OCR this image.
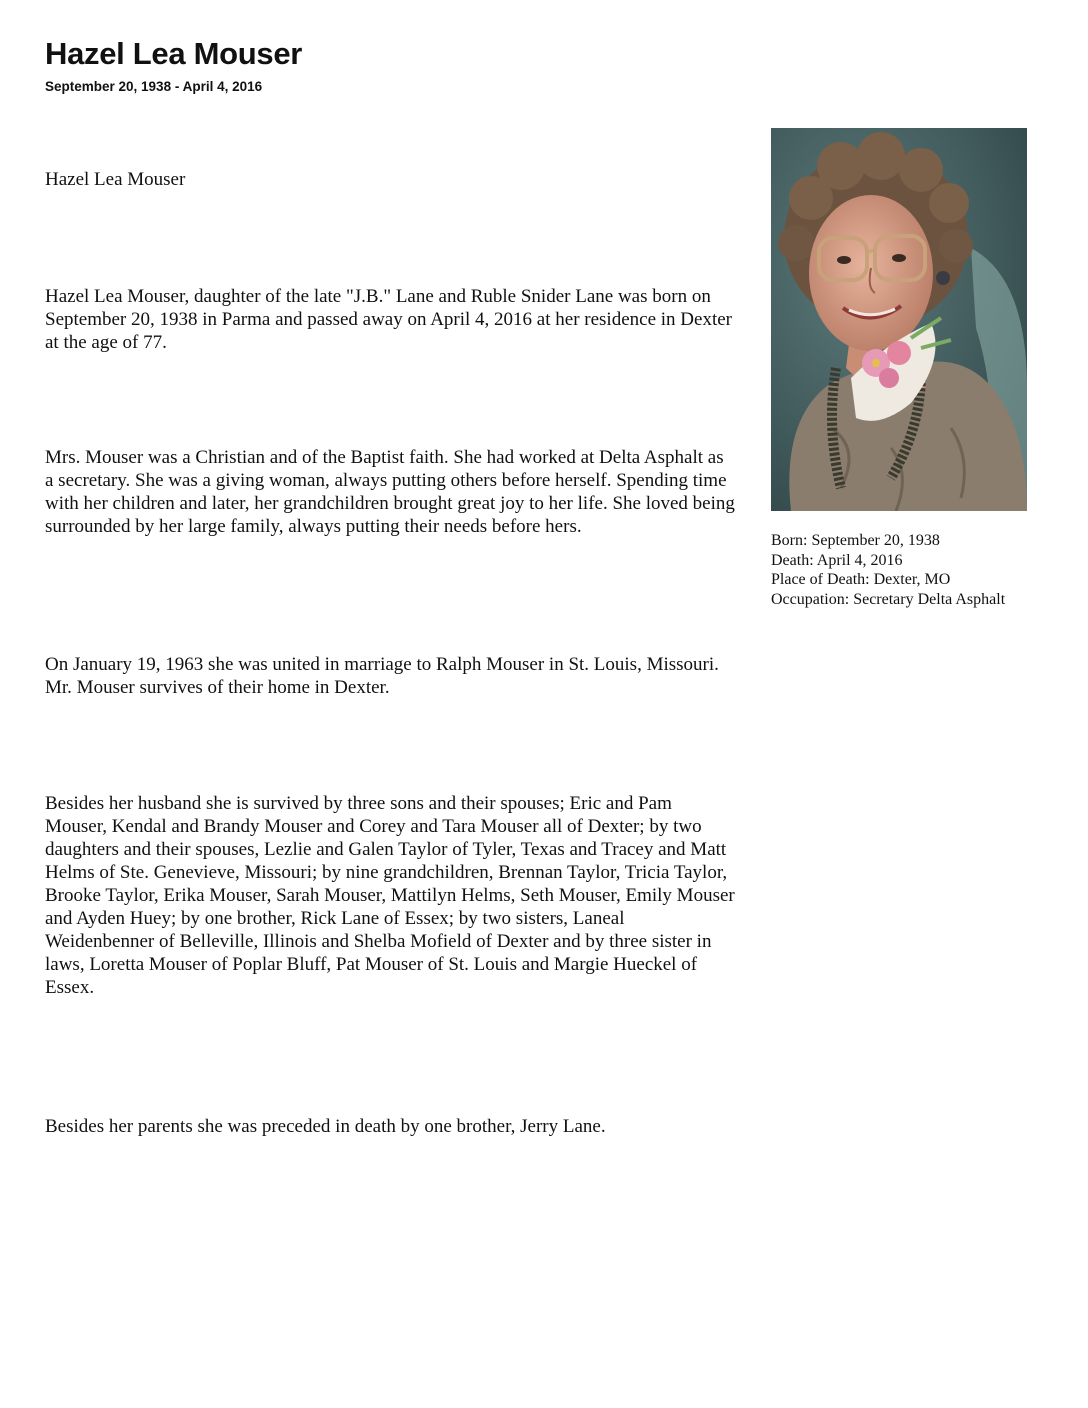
Hazel Lea Mouser
September 20, 1938 - April 4, 2016

Hazel Lea Mouser

Hazel Lea Mouser, daughter of the late "J.B." Lane and Ruble Snider Lane was born on September 20, 1938 in Parma and passed away on April 4, 2016 at her residence in Dexter at the age of 77.

Mrs. Mouser was a Christian and of the Baptist faith. She had worked at Delta Asphalt as a secretary. She was a giving woman, always putting others before herself. Spending time with her children and later, her grandchildren brought great joy to her life. She loved being surrounded by her large family, always putting their needs before hers.

On January 19, 1963 she was united in marriage to Ralph Mouser in St. Louis, Missouri. Mr. Mouser survives of their home in Dexter.

Besides her husband she is survived by three sons and their spouses; Eric and Pam Mouser, Kendal and Brandy Mouser and Corey and Tara Mouser all of Dexter; by two daughters and their spouses, Lezlie and Galen Taylor of Tyler, Texas and Tracey and Matt Helms of Ste. Genevieve, Missouri; by nine grandchildren, Brennan Taylor, Tricia Taylor, Brooke Taylor, Erika Mouser, Sarah Mouser, Mattilyn Helms, Seth Mouser, Emily Mouser and Ayden Huey; by one brother, Rick Lane of Essex; by two sisters, Laneal Weidenbenner of Belleville, Illinois and Shelba Mofield of Dexter and by three sister in laws, Loretta Mouser of Poplar Bluff, Pat Mouser of St. Louis and Margie Hueckel of Essex.

Besides her parents she was preceded in death by one brother, Jerry Lane.

Born: September 20, 1938
Death: April 4, 2016
Place of Death: Dexter, MO
Occupation: Secretary Delta Asphalt
